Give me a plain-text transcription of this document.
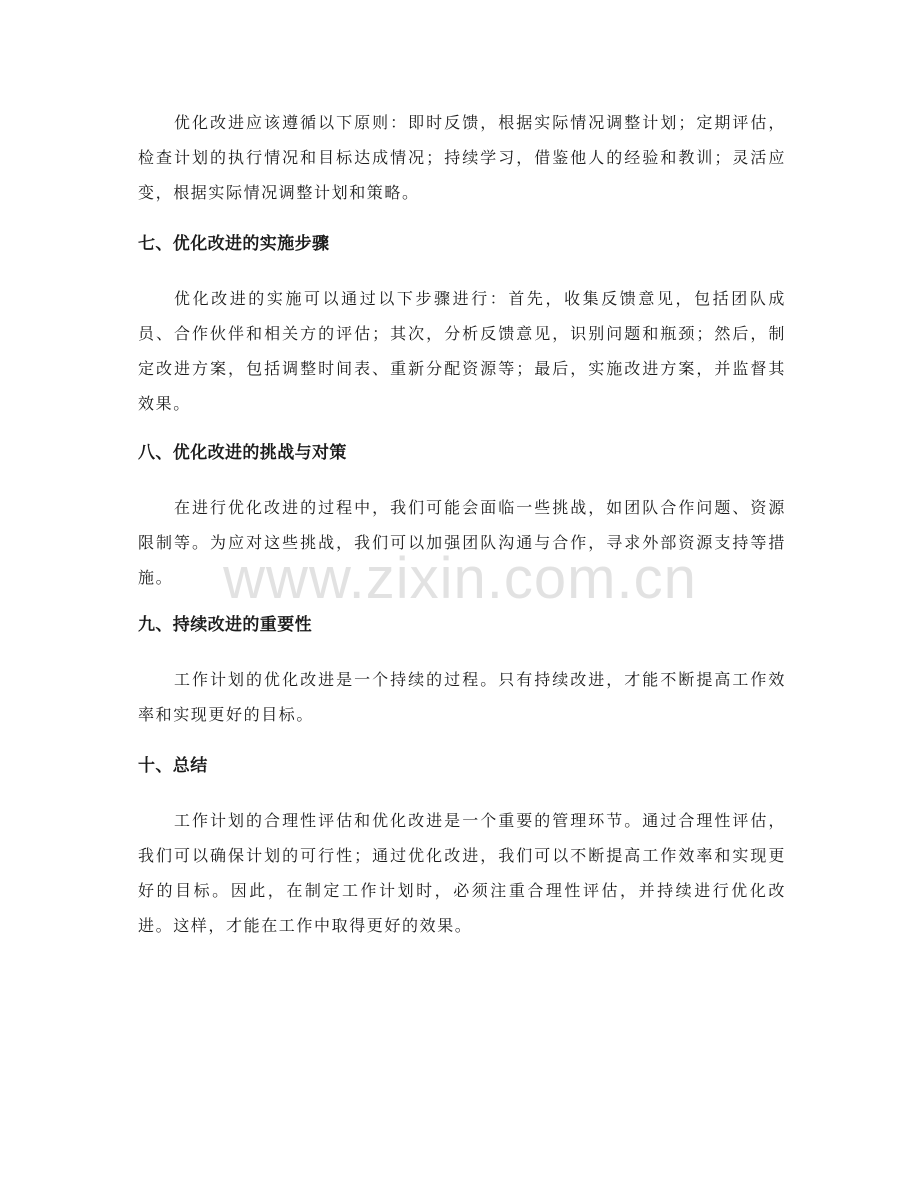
优化改进应该遵循以下原则：即时反馈，根据实际情况调整计划；定期评估，检查计划的执行情况和目标达成情况；持续学习，借鉴他人的经验和教训；灵活应变，根据实际情况调整计划和策略。

七、优化改进的实施步骤

优化改进的实施可以通过以下步骤进行：首先，收集反馈意见，包括团队成员、合作伙伴和相关方的评估；其次，分析反馈意见，识别问题和瓶颈；然后，制定改进方案，包括调整时间表、重新分配资源等；最后，实施改进方案，并监督其效果。

八、优化改进的挑战与对策

在进行优化改进的过程中，我们可能会面临一些挑战，如团队合作问题、资源限制等。为应对这些挑战，我们可以加强团队沟通与合作，寻求外部资源支持等措施。

九、持续改进的重要性

工作计划的优化改进是一个持续的过程。只有持续改进，才能不断提高工作效率和实现更好的目标。

十、总结

工作计划的合理性评估和优化改进是一个重要的管理环节。通过合理性评估，我们可以确保计划的可行性；通过优化改进，我们可以不断提高工作效率和实现更好的目标。因此，在制定工作计划时，必须注重合理性评估，并持续进行优化改进。这样，才能在工作中取得更好的效果。

www.zixin.com.cn
